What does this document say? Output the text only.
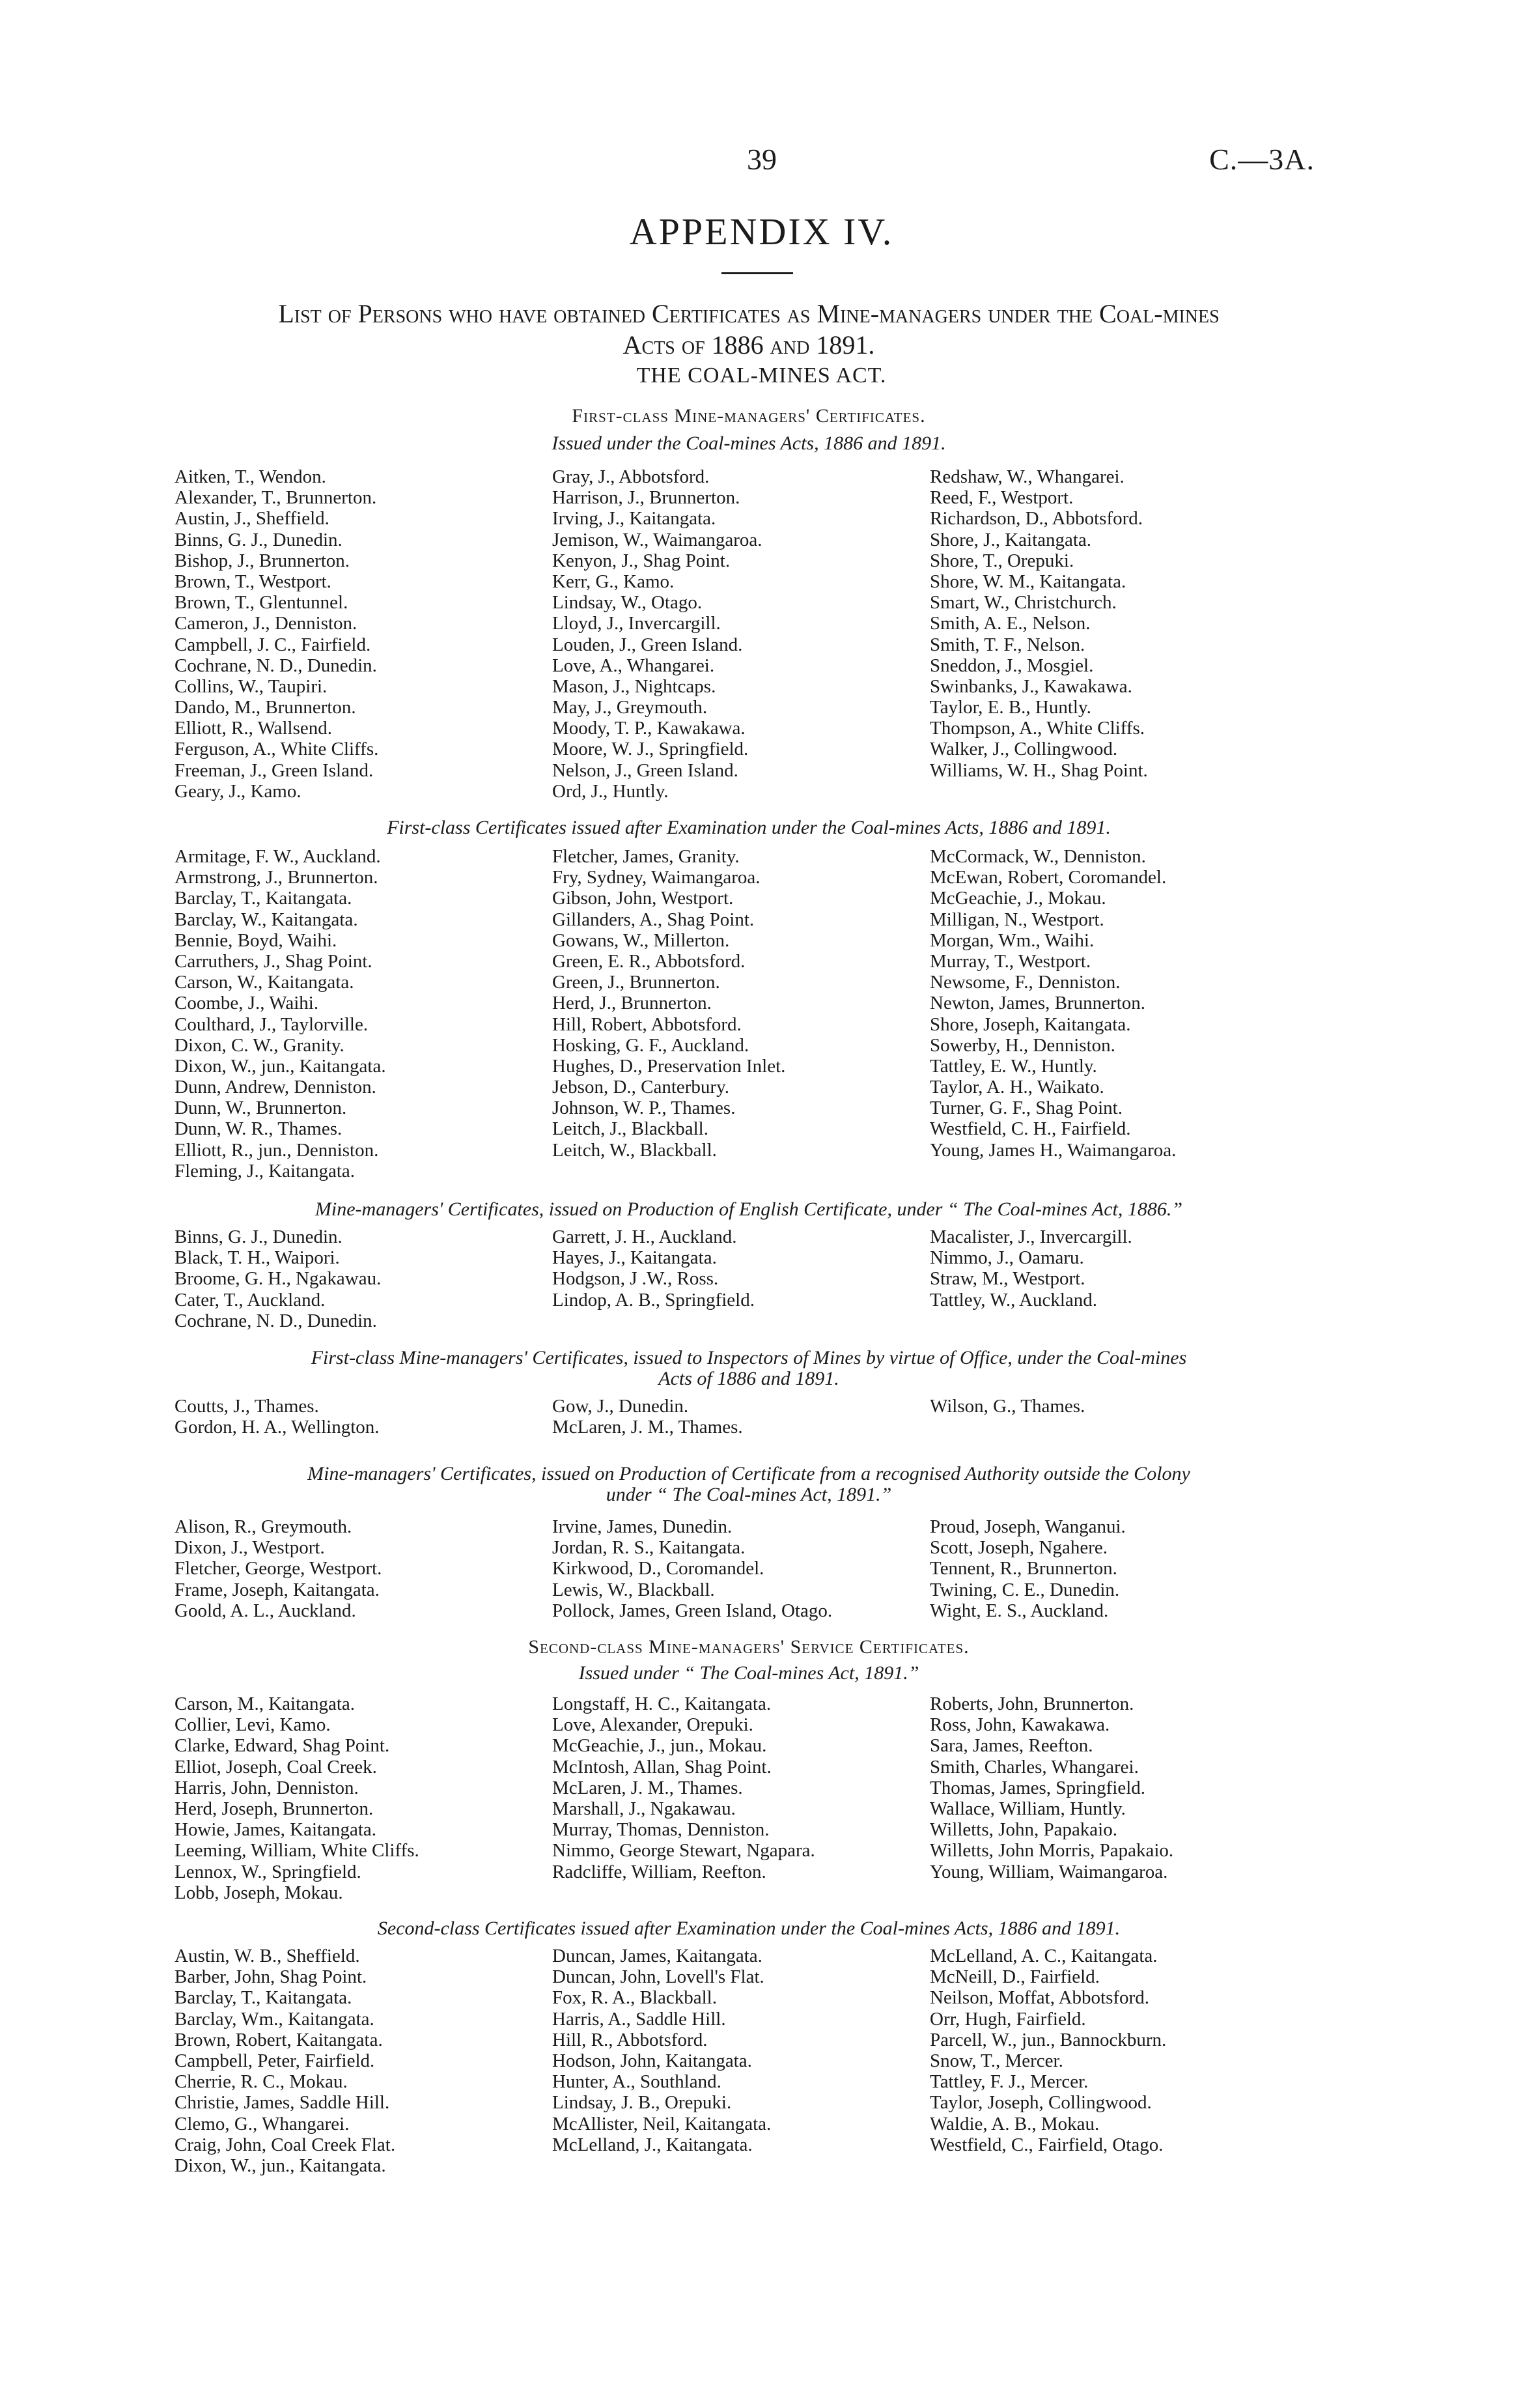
39	C.—3A.
APPENDIX IV.
List of Persons who have obtained Certificates as Mine-managers under the Coal-mines
Acts of 1886 and 1891.
THE COAL-MINES ACT.
First-class Mine-managers' Certificates.
Issued under the Coal-mines Acts, 1886 and 1891.
Aitken, T., Wendon.
Alexander, T., Brunnerton.
Austin, J., Sheffield.
Binns, G. J., Dunedin.
Bishop, J., Brunnerton.
Brown, T., Westport.
Brown, T., Glentunnel.
Cameron, J., Denniston.
Campbell, J. C., Fairfield.
Cochrane, N. D., Dunedin.
Collins, W., Taupiri.
Dando, M., Brunnerton.
Elliott, R., Wallsend.
Ferguson, A., White Cliffs.
Freeman, J., Green Island.
Geary, J., Kamo.
Gray, J., Abbotsford.
Harrison, J., Brunnerton.
Irving, J., Kaitangata.
Jemison, W., Waimangaroa.
Kenyon, J., Shag Point.
Kerr, G., Kamo.
Lindsay, W., Otago.
Lloyd, J., Invercargill.
Louden, J., Green Island.
Love, A., Whangarei.
Mason, J., Nightcaps.
May, J., Greymouth.
Moody, T. P., Kawakawa.
Moore, W. J., Springfield.
Nelson, J., Green Island.
Ord, J., Huntly.
Redshaw, W., Whangarei.
Reed, F., Westport.
Richardson, D., Abbotsford.
Shore, J., Kaitangata.
Shore, T., Orepuki.
Shore, W. M., Kaitangata.
Smart, W., Christchurch.
Smith, A. E., Nelson.
Smith, T. F., Nelson.
Sneddon, J., Mosgiel.
Swinbanks, J., Kawakawa.
Taylor, E. B., Huntly.
Thompson, A., White Cliffs.
Walker, J., Collingwood.
Williams, W. H., Shag Point.
First-class Certificates issued after Examination under the Coal-mines Acts, 1886 and 1891.
Armitage, F. W., Auckland.
Armstrong, J., Brunnerton.
Barclay, T., Kaitangata.
Barclay, W., Kaitangata.
Bennie, Boyd, Waihi.
Carruthers, J., Shag Point.
Carson, W., Kaitangata.
Coombe, J., Waihi.
Coulthard, J., Taylorville.
Dixon, C. W., Granity.
Dixon, W., jun., Kaitangata.
Dunn, Andrew, Denniston.
Dunn, W., Brunnerton.
Dunn, W. R., Thames.
Elliott, R., jun., Denniston.
Fleming, J., Kaitangata.
Fletcher, James, Granity.
Fry, Sydney, Waimangaroa.
Gibson, John, Westport.
Gillanders, A., Shag Point.
Gowans, W., Millerton.
Green, E. R., Abbotsford.
Green, J., Brunnerton.
Herd, J., Brunnerton.
Hill, Robert, Abbotsford.
Hosking, G. F., Auckland.
Hughes, D., Preservation Inlet.
Jebson, D., Canterbury.
Johnson, W. P., Thames.
Leitch, J., Blackball.
Leitch, W., Blackball.
McCormack, W., Denniston.
McEwan, Robert, Coromandel.
McGeachie, J., Mokau.
Milligan, N., Westport.
Morgan, Wm., Waihi.
Murray, T., Westport.
Newsome, F., Denniston.
Newton, James, Brunnerton.
Shore, Joseph, Kaitangata.
Sowerby, H., Denniston.
Tattley, E. W., Huntly.
Taylor, A. H., Waikato.
Turner, G. F., Shag Point.
Westfield, C. H., Fairfield.
Young, James H., Waimangaroa.
Mine-managers' Certificates, issued on Production of English Certificate, under “ The Coal-mines Act, 1886.”
Binns, G. J., Dunedin.
Black, T. H., Waipori.
Broome, G. H., Ngakawau.
Cater, T., Auckland.
Cochrane, N. D., Dunedin.
Garrett, J. H., Auckland.
Hayes, J., Kaitangata.
Hodgson, J .W., Ross.
Lindop, A. B., Springfield.
Macalister, J., Invercargill.
Nimmo, J., Oamaru.
Straw, M., Westport.
Tattley, W., Auckland.
First-class Mine-managers' Certificates, issued to Inspectors of Mines by virtue of Office, under the Coal-mines
Acts of 1886 and 1891.
Coutts, J., Thames.
Gordon, H. A., Wellington.
Gow, J., Dunedin.
McLaren, J. M., Thames.
Wilson, G., Thames.
Mine-managers' Certificates, issued on Production of Certificate from a recognised Authority outside the Colony
under “ The Coal-mines Act, 1891.”
Alison, R., Greymouth.
Dixon, J., Westport.
Fletcher, George, Westport.
Frame, Joseph, Kaitangata.
Goold, A. L., Auckland.
Irvine, James, Dunedin.
Jordan, R. S., Kaitangata.
Kirkwood, D., Coromandel.
Lewis, W., Blackball.
Pollock, James, Green Island, Otago.
Proud, Joseph, Wanganui.
Scott, Joseph, Ngahere.
Tennent, R., Brunnerton.
Twining, C. E., Dunedin.
Wight, E. S., Auckland.
Second-class Mine-managers' Service Certificates.
Issued under “ The Coal-mines Act, 1891.”
Carson, M., Kaitangata.
Collier, Levi, Kamo.
Clarke, Edward, Shag Point.
Elliot, Joseph, Coal Creek.
Harris, John, Denniston.
Herd, Joseph, Brunnerton.
Howie, James, Kaitangata.
Leeming, William, White Cliffs.
Lennox, W., Springfield.
Lobb, Joseph, Mokau.
Longstaff, H. C., Kaitangata.
Love, Alexander, Orepuki.
McGeachie, J., jun., Mokau.
McIntosh, Allan, Shag Point.
McLaren, J. M., Thames.
Marshall, J., Ngakawau.
Murray, Thomas, Denniston.
Nimmo, George Stewart, Ngapara.
Radcliffe, William, Reefton.
Roberts, John, Brunnerton.
Ross, John, Kawakawa.
Sara, James, Reefton.
Smith, Charles, Whangarei.
Thomas, James, Springfield.
Wallace, William, Huntly.
Willetts, John, Papakaio.
Willetts, John Morris, Papakaio.
Young, William, Waimangaroa.
Second-class Certificates issued after Examination under the Coal-mines Acts, 1886 and 1891.
Austin, W. B., Sheffield.
Barber, John, Shag Point.
Barclay, T., Kaitangata.
Barclay, Wm., Kaitangata.
Brown, Robert, Kaitangata.
Campbell, Peter, Fairfield.
Cherrie, R. C., Mokau.
Christie, James, Saddle Hill.
Clemo, G., Whangarei.
Craig, John, Coal Creek Flat.
Dixon, W., jun., Kaitangata.
Duncan, James, Kaitangata.
Duncan, John, Lovell's Flat.
Fox, R. A., Blackball.
Harris, A., Saddle Hill.
Hill, R., Abbotsford.
Hodson, John, Kaitangata.
Hunter, A., Southland.
Lindsay, J. B., Orepuki.
McAllister, Neil, Kaitangata.
McLelland, J., Kaitangata.
McLelland, A. C., Kaitangata.
McNeill, D., Fairfield.
Neilson, Moffat, Abbotsford.
Orr, Hugh, Fairfield.
Parcell, W., jun., Bannockburn.
Snow, T., Mercer.
Tattley, F. J., Mercer.
Taylor, Joseph, Collingwood.
Waldie, A. B., Mokau.
Westfield, C., Fairfield, Otago.
